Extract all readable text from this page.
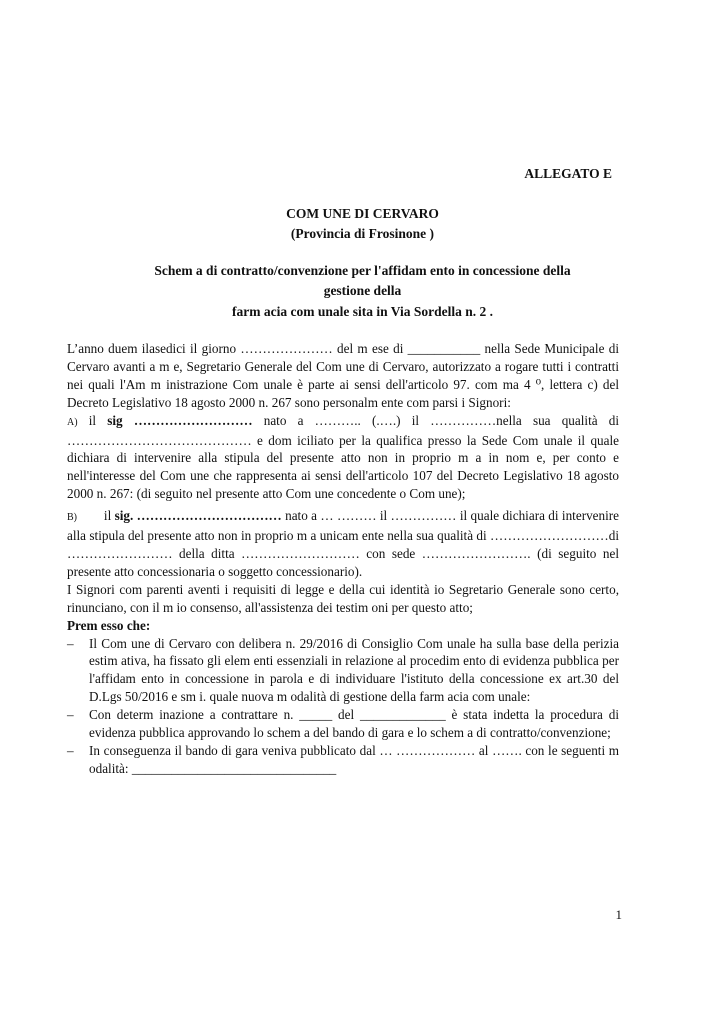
ALLEGATO E
COM UNE DI CERVARO
(Provincia di Frosinone )
Schem a di contratto/convenzione per l'affidam ento in concessione della
gestione della
farm acia com unale sita in Via Sordella n. 2 .

L’anno duem ilasedici il giorno ………………… del m ese di ___________ nella Sede Municipale di Cervaro avanti a m e, Segretario Generale del Com une di Cervaro, autorizzato a rogare tutti i contratti nei quali l'Am m inistrazione Com unale è parte ai sensi dell'articolo 97. com ma 4 ⁰, lettera c) del Decreto Legislativo 18 agosto 2000 n. 267 sono personalm ente com parsi i Signori:

A) il sig ……………………… nato a ……….. (.….) il ……………nella sua qualità di …………………………………… e dom iciliato per la qualifica presso la Sede Com unale il quale dichiara di intervenire alla stipula del presente atto non in proprio m a in nom e, per conto e nell'interesse del Com une che rappresenta ai sensi dell'articolo 107 del Decreto Legislativo 18 agosto 2000 n. 267: (di seguito nel presente atto Com une concedente o Com une);

B) il sig. …………………………… nato a … ……… il …………… il quale dichiara di intervenire alla stipula del presente atto non in proprio m a unicam ente nella sua qualità di ………………………di …………………… della ditta ……………………… con sede ……………………. (di seguito nel presente atto concessionaria o soggetto concessionario).

I Signori com parenti aventi i requisiti di legge e della cui identità io Segretario Generale sono certo, rinunciano, con il m io consenso, all'assistenza dei testim oni per questo atto;

Prem esso che:
– Il Com une di Cervaro con delibera n. 29/2016 di Consiglio Com unale ha sulla base della perizia estim ativa, ha fissato gli elem enti essenziali in relazione al procedim ento di evidenza pubblica per l'affidam ento in concessione in parola e di individuare l'istituto della concessione ex art.30 del D.Lgs 50/2016 e sm i. quale nuova m odalità di gestione della farm acia com unale:
– Con determ inazione a contrattare n. _____ del _____________ è stata indetta la procedura di evidenza pubblica approvando lo schem a del bando di gara e lo schem a di contratto/convenzione;
– In conseguenza il bando di gara veniva pubblicato dal … ……………… al ……. con le seguenti m odalità: _______________________________
1
